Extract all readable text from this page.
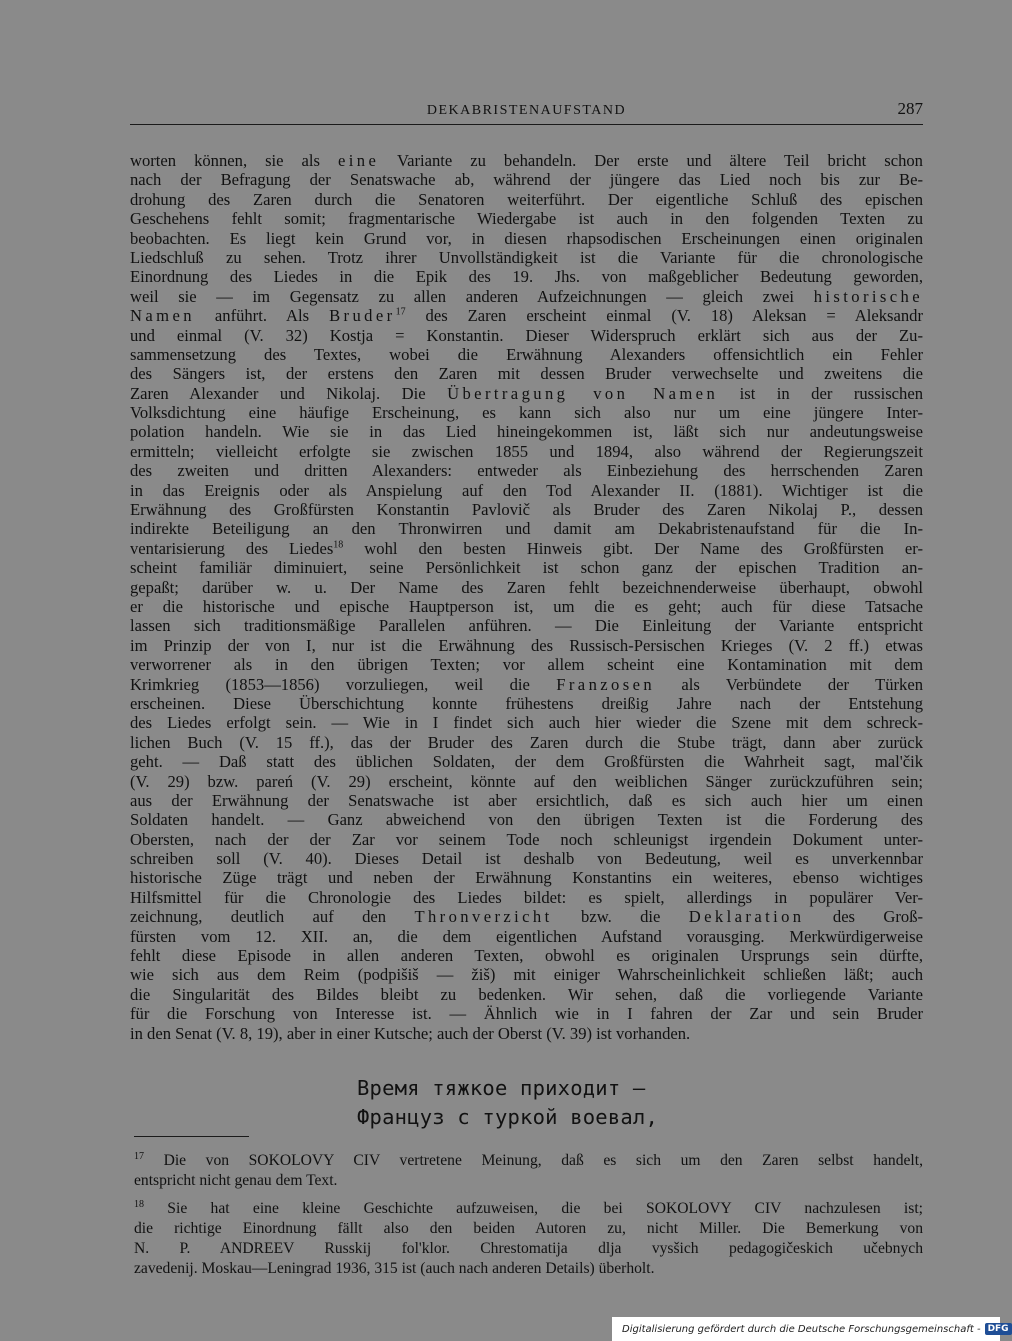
DEKABRISTENAUFSTAND	287
worten können, sie als eine Variante zu behandeln. Der erste und ältere Teil bricht schon
nach der Befragung der Senatswache ab, während der jüngere das Lied noch bis zur Be-
drohung des Zaren durch die Senatoren weiterführt. Der eigentliche Schluß des epischen
Geschehens fehlt somit; fragmentarische Wiedergabe ist auch in den folgenden Texten zu
beobachten. Es liegt kein Grund vor, in diesen rhapsodischen Erscheinungen einen originalen
Liedschluß zu sehen. Trotz ihrer Unvollständigkeit ist die Variante für die chronologische
Einordnung des Liedes in die Epik des 19. Jhs. von maßgeblicher Bedeutung geworden,
weil sie — im Gegensatz zu allen anderen Aufzeichnungen — gleich zwei historische
Namen anführt. Als Bruder$^{17}$ des Zaren erscheint einmal (V. 18) Aleksan = Aleksandr
und einmal (V. 32) Kostja = Konstantin. Dieser Widerspruch erklärt sich aus der Zu-
sammensetzung des Textes, wobei die Erwähnung Alexanders offensichtlich ein Fehler
des Sängers ist, der erstens den Zaren mit dessen Bruder verwechselte und zweitens die
Zaren Alexander und Nikolaj. Die Übertragung von Namen ist in der russischen
Volksdichtung eine häufige Erscheinung, es kann sich also nur um eine jüngere Inter-
polation handeln. Wie sie in das Lied hineingekommen ist, läßt sich nur andeutungsweise
ermitteln; vielleicht erfolgte sie zwischen 1855 und 1894, also während der Regierungszeit
des zweiten und dritten Alexanders: entweder als Einbeziehung des herrschenden Zaren
in das Ereignis oder als Anspielung auf den Tod Alexander II. (1881). Wichtiger ist die
Erwähnung des Großfürsten Konstantin Pavlovič als Bruder des Zaren Nikolaj P., dessen
indirekte Beteiligung an den Thronwirren und damit am Dekabristenaufstand für die In-
ventarisierung des Liedes$^{18}$ wohl den besten Hinweis gibt. Der Name des Großfürsten er-
scheint familiär diminuiert, seine Persönlichkeit ist schon ganz der epischen Tradition an-
gepaßt; darüber w. u. Der Name des Zaren fehlt bezeichnenderweise überhaupt, obwohl
er die historische und epische Hauptperson ist, um die es geht; auch für diese Tatsache
lassen sich traditionsmäßige Parallelen anführen. — Die Einleitung der Variante entspricht
im Prinzip der von I, nur ist die Erwähnung des Russisch-Persischen Krieges (V. 2 ff.) etwas
verworrener als in den übrigen Texten; vor allem scheint eine Kontamination mit dem
Krimkrieg (1853—1856) vorzuliegen, weil die Franzosen als Verbündete der Türken
erscheinen. Diese Überschichtung konnte frühestens dreißig Jahre nach der Entstehung
des Liedes erfolgt sein. — Wie in I findet sich auch hier wieder die Szene mit dem schreck-
lichen Buch (V. 15 ff.), das der Bruder des Zaren durch die Stube trägt, dann aber zurück
geht. — Daß statt des üblichen Soldaten, der dem Großfürsten die Wahrheit sagt, mal'čik
(V. 29) bzw. pareń (V. 29) erscheint, könnte auf den weiblichen Sänger zurückzuführen sein;
aus der Erwähnung der Senatswache ist aber ersichtlich, daß es sich auch hier um einen
Soldaten handelt. — Ganz abweichend von den übrigen Texten ist die Forderung des
Obersten, nach der der Zar vor seinem Tode noch schleunigst irgendein Dokument unter-
schreiben soll (V. 40). Dieses Detail ist deshalb von Bedeutung, weil es unverkennbar
historische Züge trägt und neben der Erwähnung Konstantins ein weiteres, ebenso wichtiges
Hilfsmittel für die Chronologie des Liedes bildet: es spielt, allerdings in populärer Ver-
zeichnung, deutlich auf den Thronverzicht bzw. die Deklaration des Groß-
fürsten vom 12. XII. an, die dem eigentlichen Aufstand vorausging. Merkwürdigerweise
fehlt diese Episode in allen anderen Texten, obwohl es originalen Ursprungs sein dürfte,
wie sich aus dem Reim (podpišiš — žiš) mit einiger Wahrscheinlichkeit schließen läßt; auch
die Singularität des Bildes bleibt zu bedenken. Wir sehen, daß die vorliegende Variante
für die Forschung von Interesse ist. — Ähnlich wie in I fahren der Zar und sein Bruder
in den Senat (V. 8, 19), aber in einer Kutsche; auch der Oberst (V. 39) ist vorhanden.
Время тяжкое приходит —
Француз с туркой воевал,
$^{17}$ Die von SOKOLOVY CIV vertretene Meinung, daß es sich um den Zaren selbst handelt,
entspricht nicht genau dem Text.
$^{18}$ Sie hat eine kleine Geschichte aufzuweisen, die bei SOKOLOVY CIV nachzulesen ist;
die richtige Einordnung fällt also den beiden Autoren zu, nicht Miller. Die Bemerkung von
N. P. ANDREEV Russkij fol'klor. Chrestomatija dlja vysšich pedagogičeskich učebnych
zavedenij. Moskau—Leningrad 1936, 315 ist (auch nach anderen Details) überholt.
Digitalisierung gefördert durch die Deutsche Forschungsgemeinschaft - DFG
